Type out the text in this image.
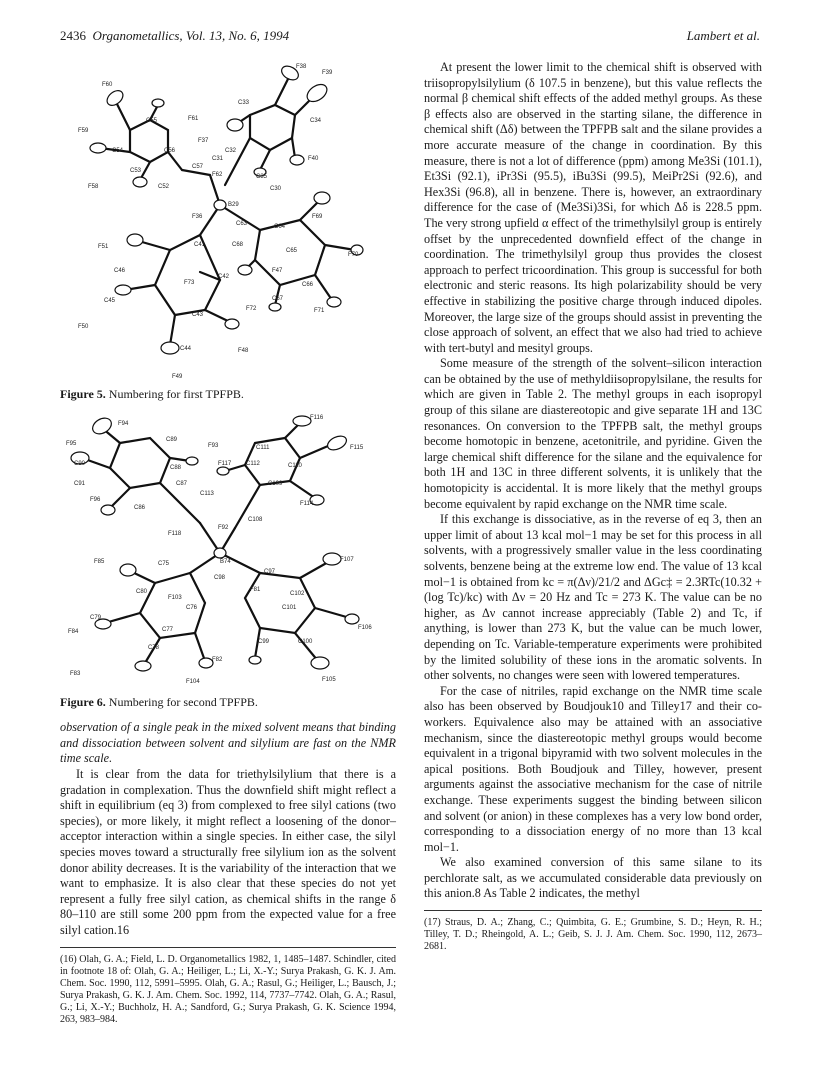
2436 Organometallics, Vol. 13, No. 6, 1994	Lambert et al.
F38
F39
F60
C33
C34
F59
C55	F61
F37
C54	C56	C32
C31	F40
C53
C57
F62	C35
F58	C52	C30
B29
F36
C63	C64
F69
F51	C41	C68
C65
F70
C46
F73
C42
F47
C66
C45	C67
F72	F71
F50
C43
C44	F48
F49
Figure 5. Numbering for first TPFPB.
F94
F116
F95
C89
F115
F93	C111
C90	F117 C112	C110
C88
C91	C87	C109
F96
C113
F114
C86
C108
F92
F118
B74
F85	C75
C97
F107
C80
C98
C102
F103
F81
C101
C79
C76
F106
F84	C77
C99	C100
F83
C78
F82
F104	F105
Figure 6. Numbering for second TPFPB.

observation of a single peak in the mixed solvent means that binding and dissociation between solvent and silylium are fast on the NMR time scale.

It is clear from the data for triethylsilylium that there is a gradation in complexation. Thus the downfield shift might reflect a shift in equilibrium (eq 3) from complexed to free silyl cations (two species), or more likely, it might reflect a loosening of the donor–acceptor interaction within a single species. In either case, the silyl species moves toward a structurally free silylium ion as the solvent donor ability decreases. It is the variability of the interaction that we want to emphasize. It is also clear that these species do not yet represent a fully free silyl cation, as chemical shifts in the range δ 80–110 are still some 200 ppm from the expected value for a free silyl cation.16

(16) Olah, G. A.; Field, L. D. Organometallics 1982, 1, 1485–1487. Schindler, cited in footnote 18 of: Olah, G. A.; Heiliger, L.; Li, X.-Y.; Surya Prakash, G. K. J. Am. Chem. Soc. 1990, 112, 5991–5995. Olah, G. A.; Rasul, G.; Heiliger, L.; Bausch, J.; Surya Prakash, G. K. J. Am. Chem. Soc. 1992, 114, 7737–7742. Olah, G. A.; Rasul, G.; Li, X.-Y.; Buchholz, H. A.; Sandford, G.; Surya Prakash, G. K. Science 1994, 263, 983–984.

At present the lower limit to the chemical shift is observed with triisopropylsilylium (δ 107.5 in benzene), but this value reflects the normal β chemical shift effects of the added methyl groups. As these β effects also are observed in the starting silane, the difference in chemical shift (Δδ) between the TPFPB salt and the silane provides a more accurate measure of the change in coordination. By this measure, there is not a lot of difference (ppm) among Me3Si (101.1), Et3Si (92.1), iPr3Si (95.5), iBu3Si (99.5), MeiPr2Si (92.6), and Hex3Si (96.8), all in benzene. There is, however, an extraordinary difference for the case of (Me3Si)3Si, for which Δδ is 228.5 ppm. The very strong upfield α effect of the trimethylsilyl group is entirely offset by the unprecedented downfield effect of the change in coordination. The trimethylsilyl group thus provides the closest approach to perfect tricoordination. This group is successful for both electronic and steric reasons. Its high polarizability should be very effective in stabilizing the positive charge through induced dipoles. Moreover, the large size of the groups should assist in preventing the close approach of solvent, an effect that we also had tried to achieve with tert-butyl and mesityl groups.

Some measure of the strength of the solvent–silicon interaction can be obtained by the use of methyldiisopropylsilane, the results for which are given in Table 2. The methyl groups in each isopropyl group of this silane are diastereotopic and give separate 1H and 13C resonances. On conversion to the TPFPB salt, the methyl groups become homotopic in benzene, acetonitrile, and pyridine. Given the large chemical shift difference for the silane and the equivalence for both 1H and 13C in three different solvents, it is unlikely that the homotopicity is accidental. It is more likely that the methyl groups become equivalent by rapid exchange on the NMR time scale.

If this exchange is dissociative, as in the reverse of eq 3, then an upper limit of about 13 kcal mol−1 may be set for this process in all solvents, with a progressively smaller value in the less coordinating solvents, benzene being at the extreme low end. The value of 13 kcal mol−1 is obtained from kc = π(Δν)/21/2 and ΔGc‡ = 2.3RTc(10.32 + (log Tc)/kc) with Δν = 20 Hz and Tc = 273 K. The value can be no higher, as Δν cannot increase appreciably (Table 2) and Tc, if anything, is lower than 273 K, but the value can be much lower, depending on Tc. Variable-temperature experiments were prohibited by the limited solubility of these ions in the aromatic solvents. In other solvents, no changes were seen with lowered temperatures.

For the case of nitriles, rapid exchange on the NMR time scale also has been observed by Boudjouk10 and Tilley17 and their co-workers. Equivalence also may be attained with an associative mechanism, since the diastereotopic methyl groups would become equivalent in a trigonal bipyramid with two solvent molecules in the apical positions. Both Boudjouk and Tilley, however, present arguments against the associative mechanism for the case of nitrile exchange. These experiments suggest the binding between silicon and solvent (or anion) in these complexes has a very low bond order, corresponding to a dissociation energy of no more than 13 kcal mol−1.

We also examined conversion of this same silane to its perchlorate salt, as we accumulated considerable data previously on this anion.8 As Table 2 indicates, the methyl

(17) Straus, D. A.; Zhang, C.; Quimbita, G. E.; Grumbine, S. D.; Heyn, R. H.; Tilley, T. D.; Rheingold, A. L.; Geib, S. J. J. Am. Chem. Soc. 1990, 112, 2673–2681.
